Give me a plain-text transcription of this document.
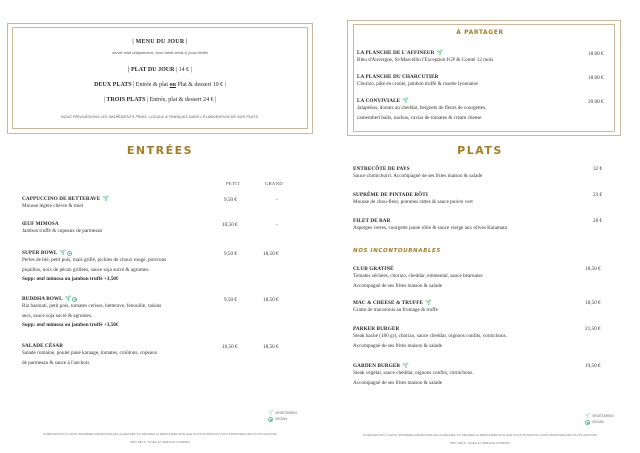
| MENU DU JOUR |
servie midi uniquement, hors week-ends & jours fériés
| PLAT DU JOUR | 14 € |
DEUX PLATS | Entrée & plat ou Plat & dessert 19 € |
| TROIS PLATS | Entrée, plat & dessert 24 € |
NOUS PRIVILÉGIONS LES INGRÉDIENTS FRAIS, LOCAUX & FRANÇAIS DANS L'ÉLABORATION DE NOS PLATS.
ENTRÉES
PETIT	GRAND
CAPPUCCINO DE BETTERAVE 🌱︎
Mousse légère chèvre & miel
9,50 €	-
ŒUF MIMOSA
Jambon truffé & copeaux de parmesan
10,50 €	-
SUPER BOWL 🌱︎
Perles de blé, petit pois, maïs grillé, pickles de choux rouge, poivrons
piquillos, noix de pécan grillées, sauce soja sucré & agrumes.
Supp: œuf mimosa ou jambon truffé +3,50€
9,50 €	18,50 €
BUDDHA BOWL 🌱︎
Riz basmati, petit pois, tomates cerises, betterave, fenouille, raisins
secs, sauce soja sucré & agrumes.
Supp: œuf mimosa ou jambon truffé +3,50€
9,50 €	18,50 €
SALADE CÉSAR
Salade romaine, poulet pané karaage, tomates, croûtons, copeaux
de parmesan & sauce à l'anchois
10,50 €	18,50 €
🌱︎ VÉGÉTARIEN
VEGAN
N'HÉSITEZ PAS À NOUS INFORMER D'ÉVENTUELLES ALLERGIES OU RÉGIMES ALIMENTAIRES AFIN QUE NOUS PUISSIONS VOUS PROPOSER DES PLATS ADAPTÉS
PRIX NETS, TAXES ET SERVICE COMPRIS
À PARTAGER
LA PLANCHE DE L'AFFINEUR 🌱︎
Bleu d'Auvergne, St-Marcellin l'Exception IGP & Comté 12 mois
18.00 €
LA PLANCHE DU CHARCUTIER
Chorizo, pâté en croûte, jambon truffé & rosette lyonnaise
18.00 €
LA CONVIVIALE 🌱︎
Jalapeños, donuts au cheddar, beignets de fleurs de courgettes,
camembert balls, nachos, caviar de tomates & cream cheese
20.00 €
PLATS
ENTRECÔTE DE PAYS
Sauce chimichurri. Accompagné de ses frites maison & salade
32 €
SUPRÊME DE PINTADE RÔTI
Mousse de chou-fleur, pommes rattes & sauce poivre vert
23 €
FILET DE BAR
Asperges vertes, courgette jaune rôtie & sauce vierge aux olives Kalamata
26 €
NOS INCONTOURNABLES
CLUB GRATINÉ
Tomates séchées, chorizo, cheddar, emmental, sauce béarnaise
Accompagné de ses frites maison & salade
18,50 €
MAC & CHEESE & TRUFFE 🌱︎
Gratin de macaronis au fromage & truffe
18,50 €
PARKER BURGER
Steak haché (180 gr), chorizo, sauce cheddar, oignons confits, cornichons.
Accompagné de ses frites maison & salade
21,50 €
GARDEN BURGER 🌱︎
Steak végétal, sauce cheddar, oignons confits, cornichons.
Accompagné de ses frites maison & salade
19,50 €
🌱︎ VÉGÉTARIEN
VEGAN
N'HÉSITEZ PAS À NOUS INFORMER D'ÉVENTUELLES ALLERGIES OU RÉGIMES ALIMENTAIRES AFIN QUE NOUS PUISSIONS VOUS PROPOSER DES PLATS ADAPTÉS
PRIX NETS, TAXES ET SERVICE COMPRIS
